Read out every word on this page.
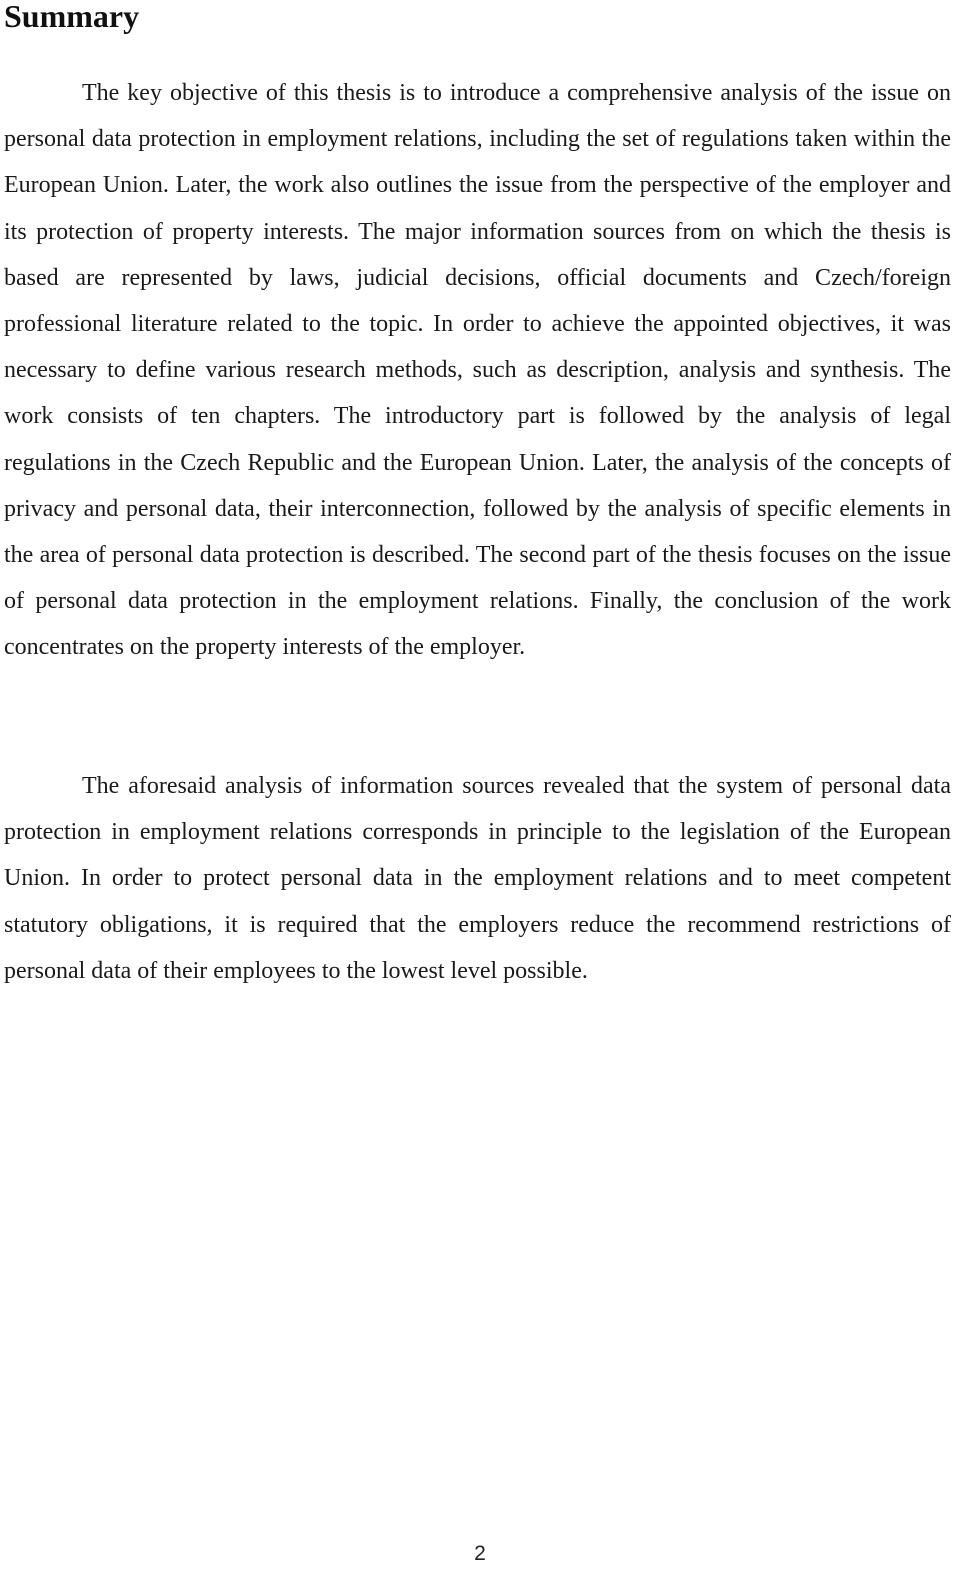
Summary

The key objective of this thesis is to introduce a comprehensive analysis of the issue on personal data protection in employment relations, including the set of regulations taken within the European Union. Later, the work also outlines the issue from the perspective of the employer and its protection of property interests. The major information sources from on which the thesis is based are represented by laws, judicial decisions, official documents and Czech/foreign professional literature related to the topic. In order to achieve the appointed objectives, it was necessary to define various research methods, such as description, analysis and synthesis. The work consists of ten chapters. The introductory part is followed by the analysis of legal regulations in the Czech Republic and the European Union. Later, the analysis of the concepts of privacy and personal data, their interconnection, followed by the analysis of specific elements in the area of personal data protection is described. The second part of the thesis focuses on the issue of personal data protection in the employment relations. Finally, the conclusion of the work concentrates on the property interests of the employer.

The aforesaid analysis of information sources revealed that the system of personal data protection in employment relations corresponds in principle to the legislation of the European Union. In order to protect personal data in the employment relations and to meet competent statutory obligations, it is required that the employers reduce the recommend restrictions of personal data of their employees to the lowest level possible.

2
